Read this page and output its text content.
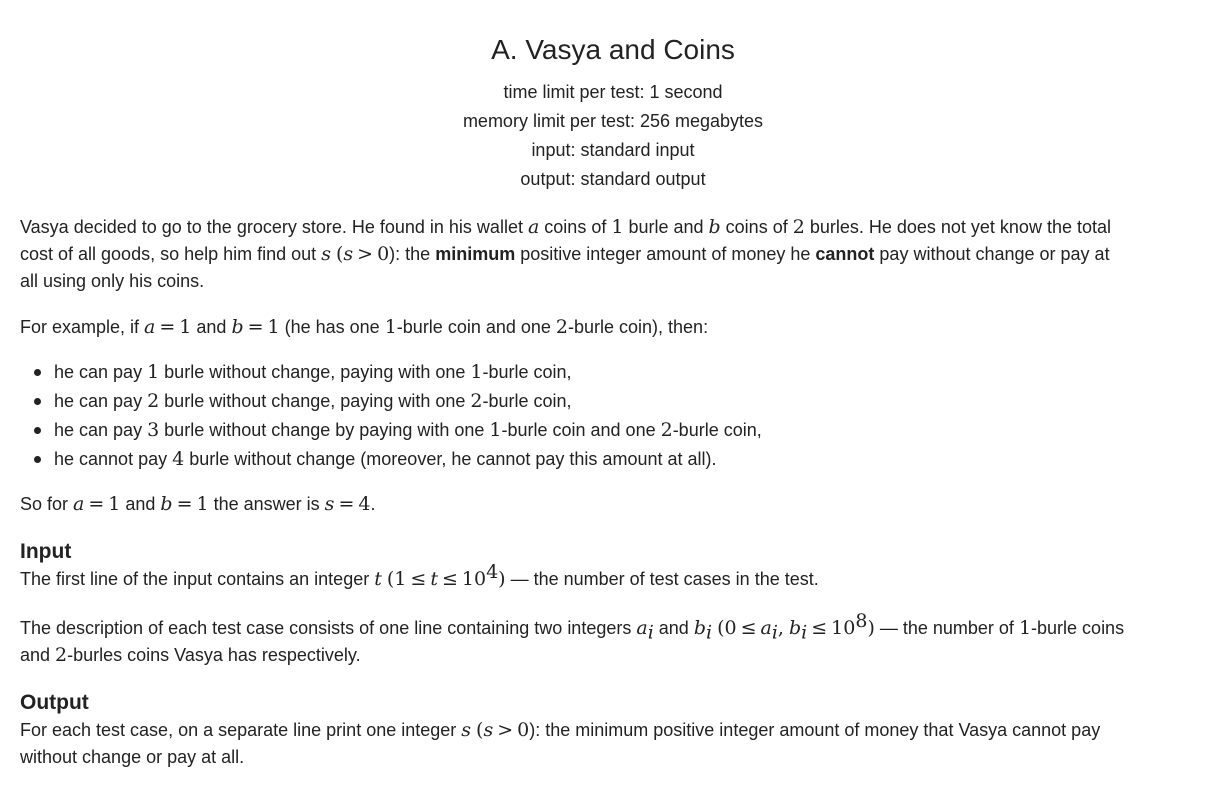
A. Vasya and Coins
time limit per test: 1 second
memory limit per test: 256 megabytes
input: standard input
output: standard output

Vasya decided to go to the grocery store. He found in his wallet a coins of 1 burle and b coins of 2 burles. He does not yet know the total
cost of all goods, so help him find out s (s > 0): the minimum positive integer amount of money he cannot pay without change or pay at
all using only his coins.

For example, if a = 1 and b = 1 (he has one 1-burle coin and one 2-burle coin), then:

he can pay 1 burle without change, paying with one 1-burle coin,
he can pay 2 burle without change, paying with one 2-burle coin,
he can pay 3 burle without change by paying with one 1-burle coin and one 2-burle coin,
he cannot pay 4 burle without change (moreover, he cannot pay this amount at all).

So for a = 1 and b = 1 the answer is s = 4.

Input

The first line of the input contains an integer t $(1 \le t \le 10^4)$ — the number of test cases in the test.

The description of each test case consists of one line containing two integers $a_i$ and $b_i$ ($0 \le a_i$, $b_i \le 10^8$) — the number of 1-burle coins
and 2-burles coins Vasya has respectively.

Output

For each test case, on a separate line print one integer s (s > 0): the minimum positive integer amount of money that Vasya cannot pay
without change or pay at all.
